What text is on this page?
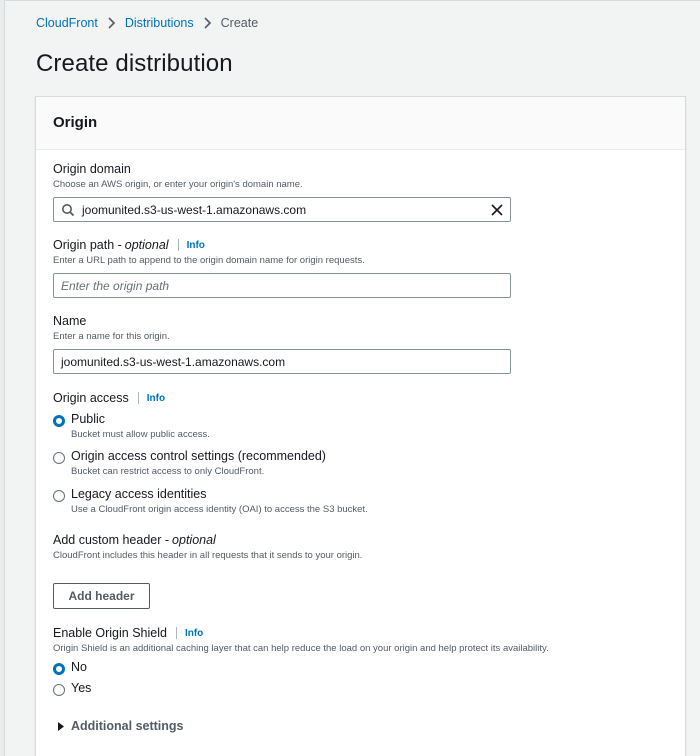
CloudFront Distributions Create
Create distribution
Origin
Origin domain
Choose an AWS origin, or enter your origin's domain name.
joomunited.s3-us-west-1.amazonaws.com
Origin path - optional Info
Enter a URL path to append to the origin domain name for origin requests.
Enter the origin path
Name
Enter a name for this origin.
joomunited.s3-us-west-1.amazonaws.com
Origin access Info
Public
Bucket must allow public access.
Origin access control settings (recommended)
Bucket can restrict access to only CloudFront.
Legacy access identities
Use a CloudFront origin access identity (OAI) to access the S3 bucket.
Add custom header - optional
CloudFront includes this header in all requests that it sends to your origin.
Add header
Enable Origin Shield Info
Origin Shield is an additional caching layer that can help reduce the load on your origin and help protect its availability.
No
Yes
Additional settings
